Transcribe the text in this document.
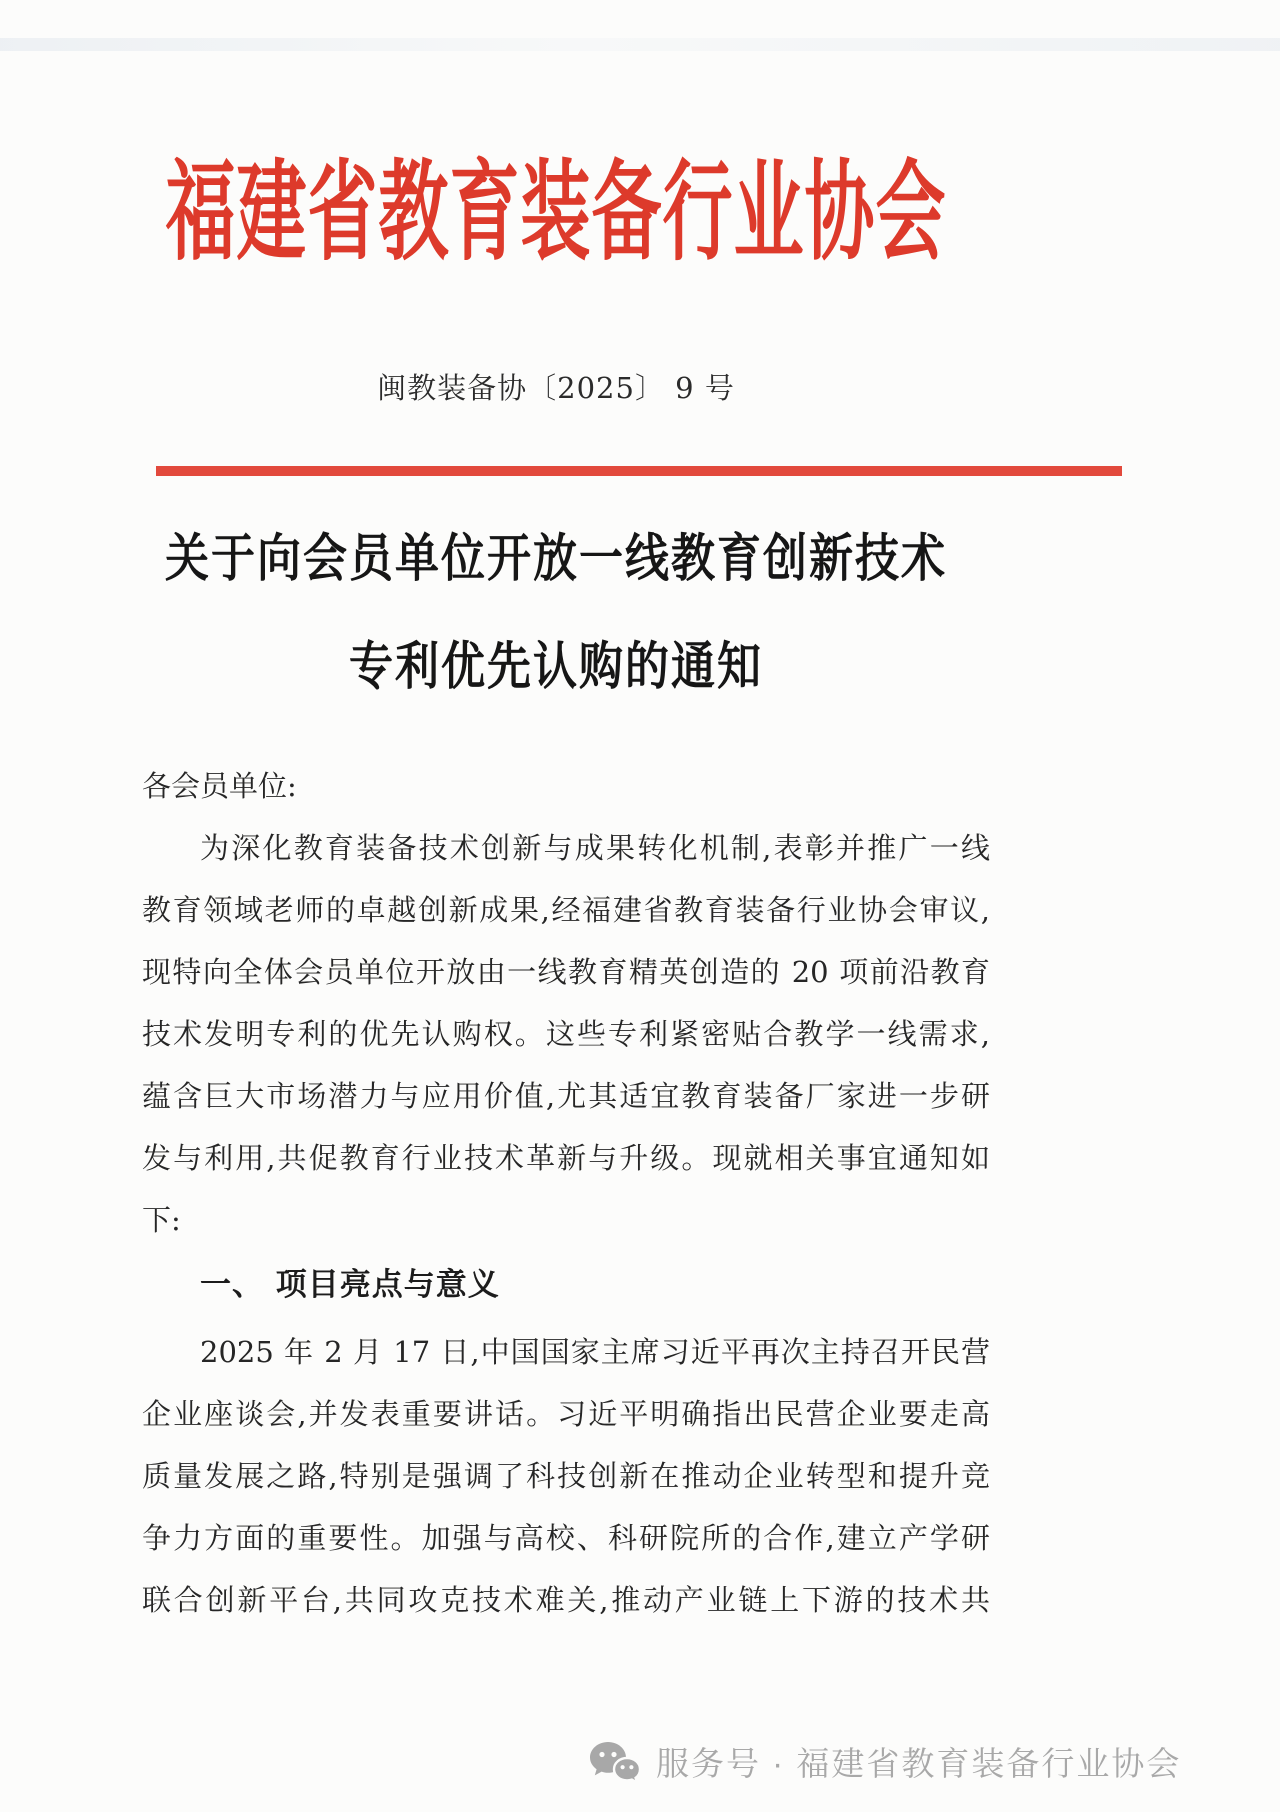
福建省教育装备行业协会
闽教装备协〔2025〕 9 号
关于向会员单位开放一线教育创新技术
专利优先认购的通知
各会员单位:
为深化教育装备技术创新与成果转化机制,表彰并推广一线
教育领域老师的卓越创新成果,经福建省教育装备行业协会审议,
现特向全体会员单位开放由一线教育精英创造的 20 项前沿教育
技术发明专利的优先认购权。这些专利紧密贴合教学一线需求,
蕴含巨大市场潜力与应用价值,尤其适宜教育装备厂家进一步研
发与利用,共促教育行业技术革新与升级。现就相关事宜通知如
下:
一、 项目亮点与意义
2025 年 2 月 17 日,中国国家主席习近平再次主持召开民营
企业座谈会,并发表重要讲话。习近平明确指出民营企业要走高
质量发展之路,特别是强调了科技创新在推动企业转型和提升竞
争力方面的重要性。加强与高校、科研院所的合作,建立产学研
联合创新平台,共同攻克技术难关,推动产业链上下游的技术共
服务号 · 福建省教育装备行业协会
